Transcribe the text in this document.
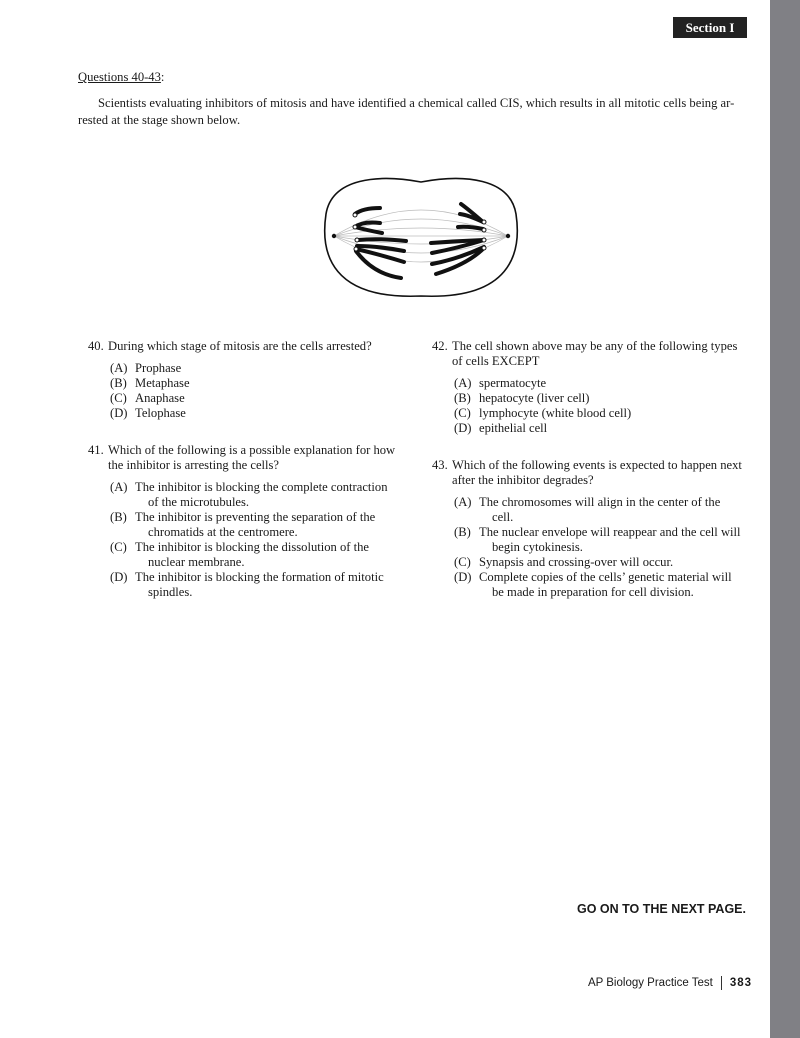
Section I
Questions 40-43:
Scientists evaluating inhibitors of mitosis and have identified a chemical called CIS, which results in all mitotic cells being ar-
rested at the stage shown below.
40. During which stage of mitosis are the cells arrested?
(A) Prophase
(B) Metaphase
(C) Anaphase
(D) Telophase
41. Which of the following is a possible explanation for how
the inhibitor is arresting the cells?
(A) The inhibitor is blocking the complete contraction
of the microtubules.
(B) The inhibitor is preventing the separation of the
chromatids at the centromere.
(C) The inhibitor is blocking the dissolution of the
nuclear membrane.
(D) The inhibitor is blocking the formation of mitotic
spindles.
42. The cell shown above may be any of the following types
of cells EXCEPT
(A) spermatocyte
(B) hepatocyte (liver cell)
(C) lymphocyte (white blood cell)
(D) epithelial cell
43. Which of the following events is expected to happen next
after the inhibitor degrades?
(A) The chromosomes will align in the center of the
cell.
(B) The nuclear envelope will reappear and the cell will
begin cytokinesis.
(C) Synapsis and crossing-over will occur.
(D) Complete copies of the cells’ genetic material will
be made in preparation for cell division.
GO ON TO THE NEXT PAGE.
AP Biology Practice Test 383
